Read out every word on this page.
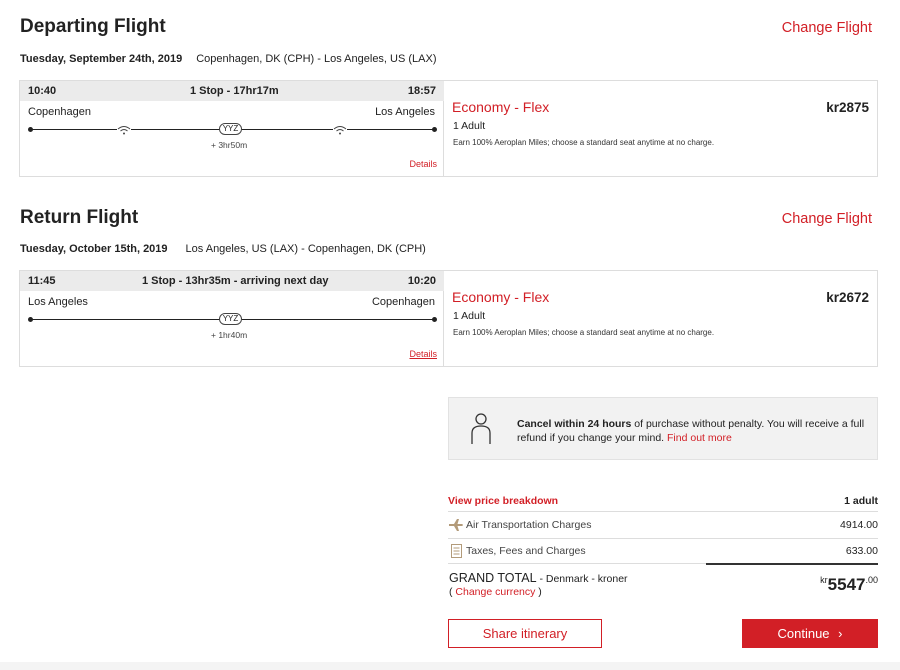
Departing Flight	Change Flight
Tuesday, September 24th, 2019 Copenhagen, DK (CPH) - Los Angeles, US (LAX)
10:40	1 Stop - 17hr17m	18:57
Copenhagen	Los Angeles
YYZ
+ 3hr50m
Details
Economy - Flex	kr2875
1 Adult
Earn 100% Aeroplan Miles; choose a standard seat anytime at no charge.
Return Flight	Change Flight
Tuesday, October 15th, 2019 Los Angeles, US (LAX) - Copenhagen, DK (CPH)
11:45	1 Stop - 13hr35m - arriving next day	10:20
Los Angeles	Copenhagen
YYZ
+ 1hr40m
Details
Economy - Flex	kr2672
1 Adult
Earn 100% Aeroplan Miles; choose a standard seat anytime at no charge.
Cancel within 24 hours of purchase without penalty. You will receive a full refund if you change your mind. Find out more
View price breakdown	1 adult
Air Transportation Charges	4914.00
Taxes, Fees and Charges	633.00
GRAND TOTAL - Denmark - kroner
( Change currency )
$^{kr}5547^{.00}$
Share itinerary	Continue ›
